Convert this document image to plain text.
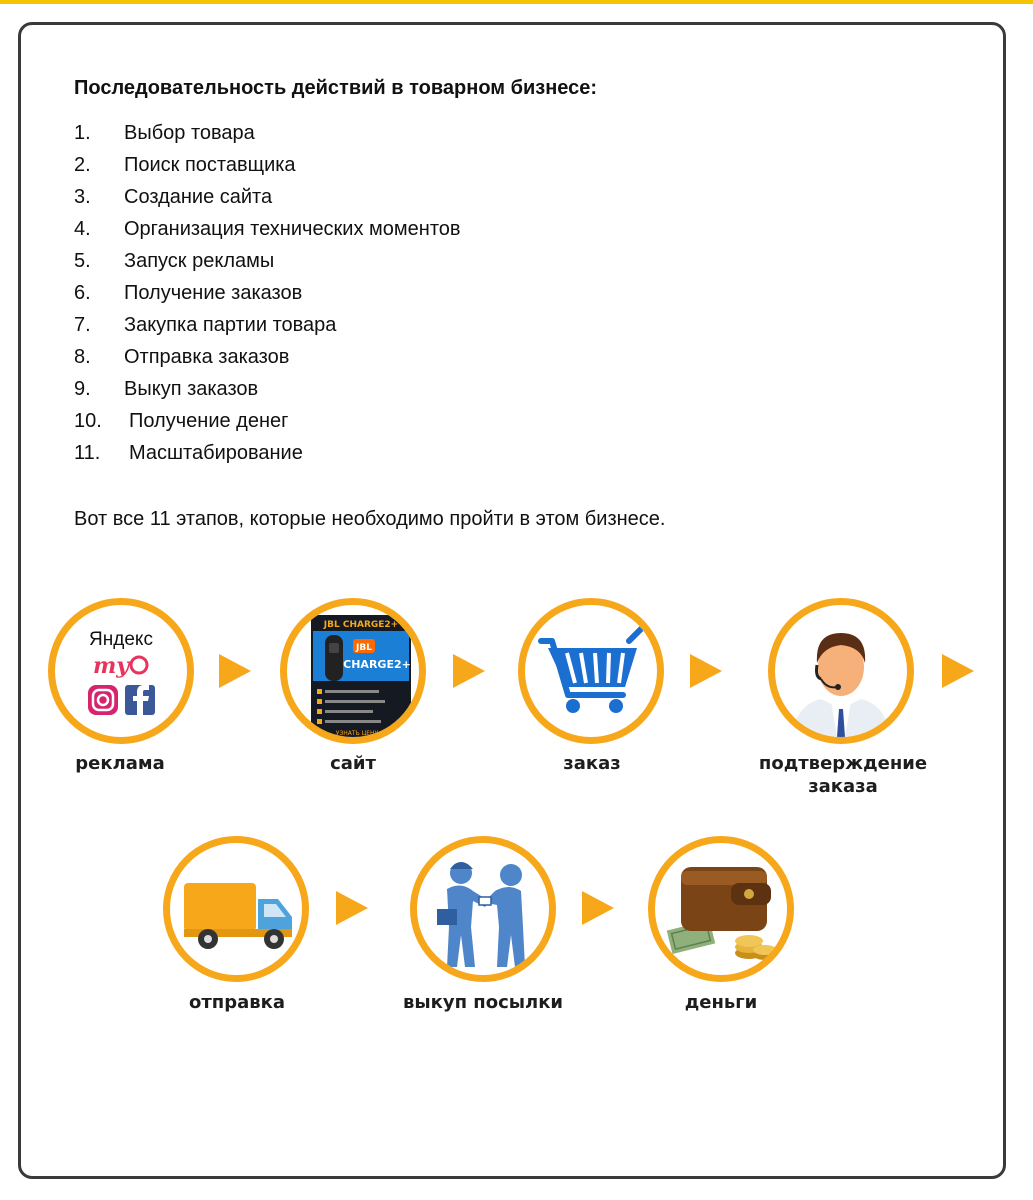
Последовательность действий в товарном бизнесе:
1.	Выбор товара
2.	Поиск поставщика
3.	Создание сайта
4.	Организация технических моментов
5.	Запуск рекламы
6.	Получение заказов
7.	Закупка партии товара
8.	Отправка заказов
9.	Выкуп заказов
10.	Получение денег
11.	Масштабирование
Вот все 11 этапов, которые необходимо пройти в этом бизнесе.
Яндекс
my
реклама
JBL CHARGE2+
JBL
CHARGE2+
УЗНАТЬ ЦЕНУ
сайт	заказ	подтверждение
заказа
отправка	выкуп посылки	деньги
